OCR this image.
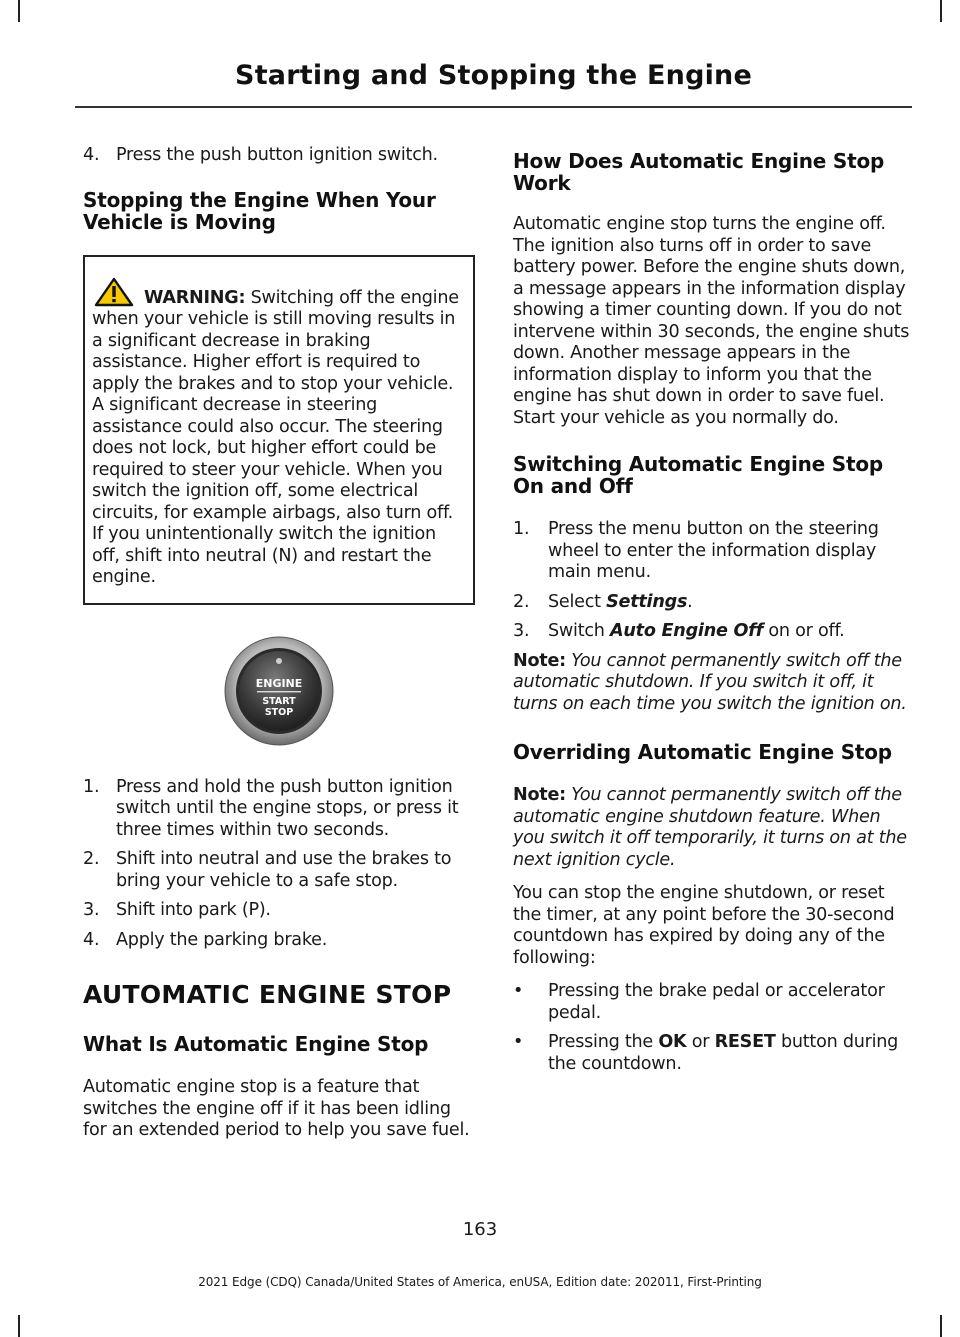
Starting and Stopping the Engine
4. Press the push button ignition switch.
Stopping the Engine When Your Vehicle is Moving
WARNING: Switching off the engine when your vehicle is still moving results in a significant decrease in braking assistance. Higher effort is required to apply the brakes and to stop your vehicle. A significant decrease in steering assistance could also occur. The steering does not lock, but higher effort could be required to steer your vehicle. When you switch the ignition off, some electrical circuits, for example airbags, also turn off. If you unintentionally switch the ignition off, shift into neutral (N) and restart the engine.
ENGINE
START
STOP
1. Press and hold the push button ignition switch until the engine stops, or press it three times within two seconds.
2. Shift into neutral and use the brakes to bring your vehicle to a safe stop.
3. Shift into park (P).
4. Apply the parking brake.
AUTOMATIC ENGINE STOP
What Is Automatic Engine Stop

Automatic engine stop is a feature that switches the engine off if it has been idling for an extended period to help you save fuel.

How Does Automatic Engine Stop Work

Automatic engine stop turns the engine off. The ignition also turns off in order to save battery power. Before the engine shuts down, a message appears in the information display showing a timer counting down. If you do not intervene within 30 seconds, the engine shuts down. Another message appears in the information display to inform you that the engine has shut down in order to save fuel. Start your vehicle as you normally do.

Switching Automatic Engine Stop On and Off
1.	Press the menu button on the steering wheel to enter the information display main menu.
2.	Select Settings.
3.	Switch Auto Engine Off on or off.

Note: You cannot permanently switch off the automatic shutdown. If you switch it off, it turns on each time you switch the ignition on.

Overriding Automatic Engine Stop

Note: You cannot permanently switch off the automatic engine shutdown feature. When you switch it off temporarily, it turns on at the next ignition cycle.

You can stop the engine shutdown, or reset the timer, at any point before the 30-second countdown has expired by doing any of the following:

•	Pressing the brake pedal or accelerator pedal.
•	Pressing the OK or RESET button during the countdown.
163
2021 Edge (CDQ) Canada/United States of America, enUSA, Edition date: 202011, First-Printing
